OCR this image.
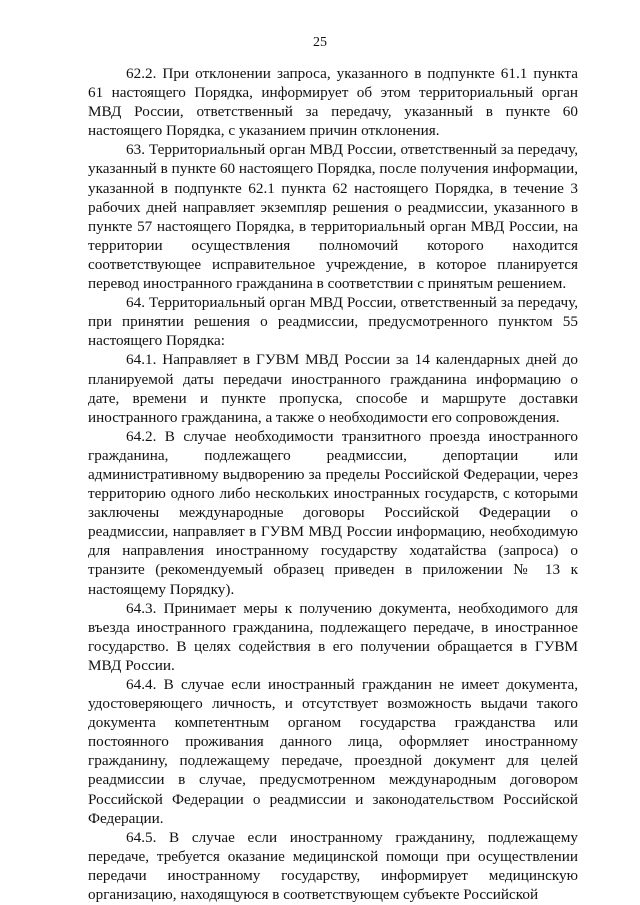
25

62.2. При отклонении запроса, указанного в подпункте 61.1 пункта 61 настоящего Порядка, информирует об этом территориальный орган МВД России, ответственный за передачу, указанный в пункте 60 настоящего Порядка, с указанием причин отклонения.

63. Территориальный орган МВД России, ответственный за передачу, указанный в пункте 60 настоящего Порядка, после получения информации, указанной в подпункте 62.1 пункта 62 настоящего Порядка, в течение 3 рабочих дней направляет экземпляр решения о реадмиссии, указанного в пункте 57 настоящего Порядка, в территориальный орган МВД России, на территории осуществления полномочий которого находится соответствующее исправительное учреждение, в которое планируется перевод иностранного гражданина в соответствии с принятым решением.

64. Территориальный орган МВД России, ответственный за передачу, при принятии решения о реадмиссии, предусмотренного пунктом 55 настоящего Порядка:

64.1. Направляет в ГУВМ МВД России за 14 календарных дней до планируемой даты передачи иностранного гражданина информацию о дате, времени и пункте пропуска, способе и маршруте доставки иностранного гражданина, а также о необходимости его сопровождения.

64.2. В случае необходимости транзитного проезда иностранного гражданина, подлежащего реадмиссии, депортации или административному выдворению за пределы Российской Федерации, через территорию одного либо нескольких иностранных государств, с которыми заключены международные договоры Российской Федерации о реадмиссии, направляет в ГУВМ МВД России информацию, необходимую для направления иностранному государству ходатайства (запроса) о транзите (рекомендуемый образец приведен в приложении № 13 к настоящему Порядку).

64.3. Принимает меры к получению документа, необходимого для въезда иностранного гражданина, подлежащего передаче, в иностранное государство. В целях содействия в его получении обращается в ГУВМ МВД России.

64.4. В случае если иностранный гражданин не имеет документа, удостоверяющего личность, и отсутствует возможность выдачи такого документа компетентным органом государства гражданства или постоянного проживания данного лица, оформляет иностранному гражданину, подлежащему передаче, проездной документ для целей реадмиссии в случае, предусмотренном международным договором Российской Федерации о реадмиссии и законодательством Российской Федерации.

64.5. В случае если иностранному гражданину, подлежащему передаче, требуется оказание медицинской помощи при осуществлении передачи иностранному государству, информирует медицинскую организацию, находящуюся в соответствующем субъекте Российской
